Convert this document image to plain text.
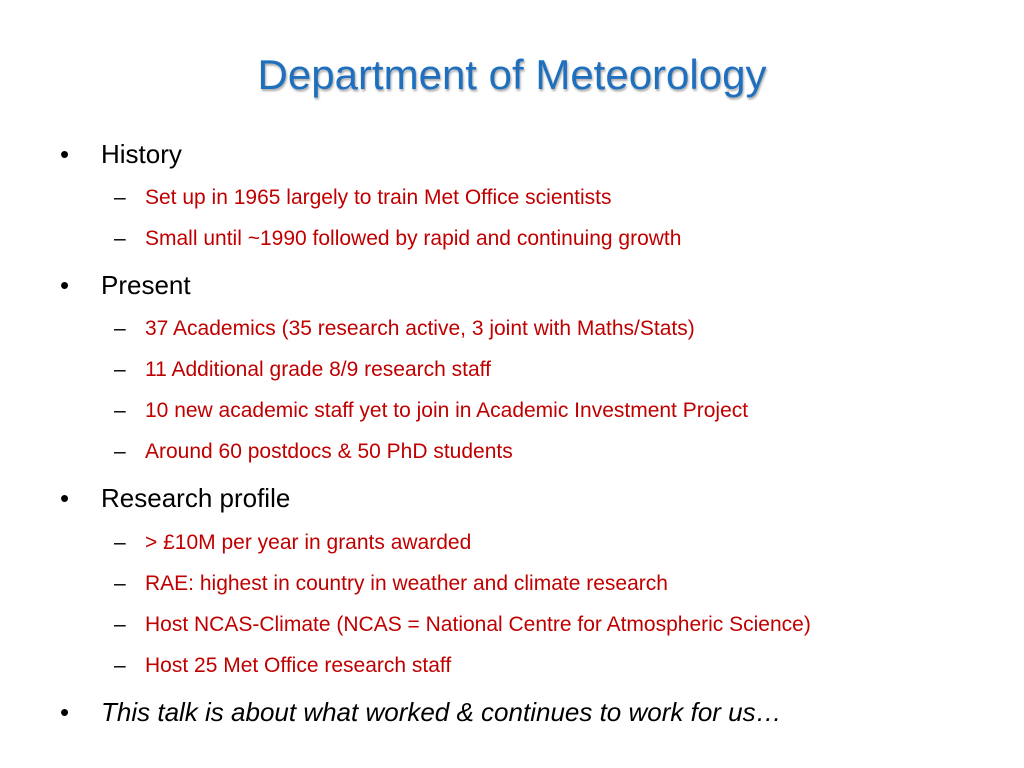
Department of Meteorology
• History
– Set up in 1965 largely to train Met Office scientists
– Small until ~1990 followed by rapid and continuing growth
• Present
– 37 Academics (35 research active, 3 joint with Maths/Stats)
– 11 Additional grade 8/9 research staff
– 10 new academic staff yet to join in Academic Investment Project
– Around 60 postdocs & 50 PhD students
• Research profile
– > £10M per year in grants awarded
– RAE: highest in country in weather and climate research
– Host NCAS-Climate (NCAS = National Centre for Atmospheric Science)
– Host 25 Met Office research staff
• This talk is about what worked & continues to work for us…
